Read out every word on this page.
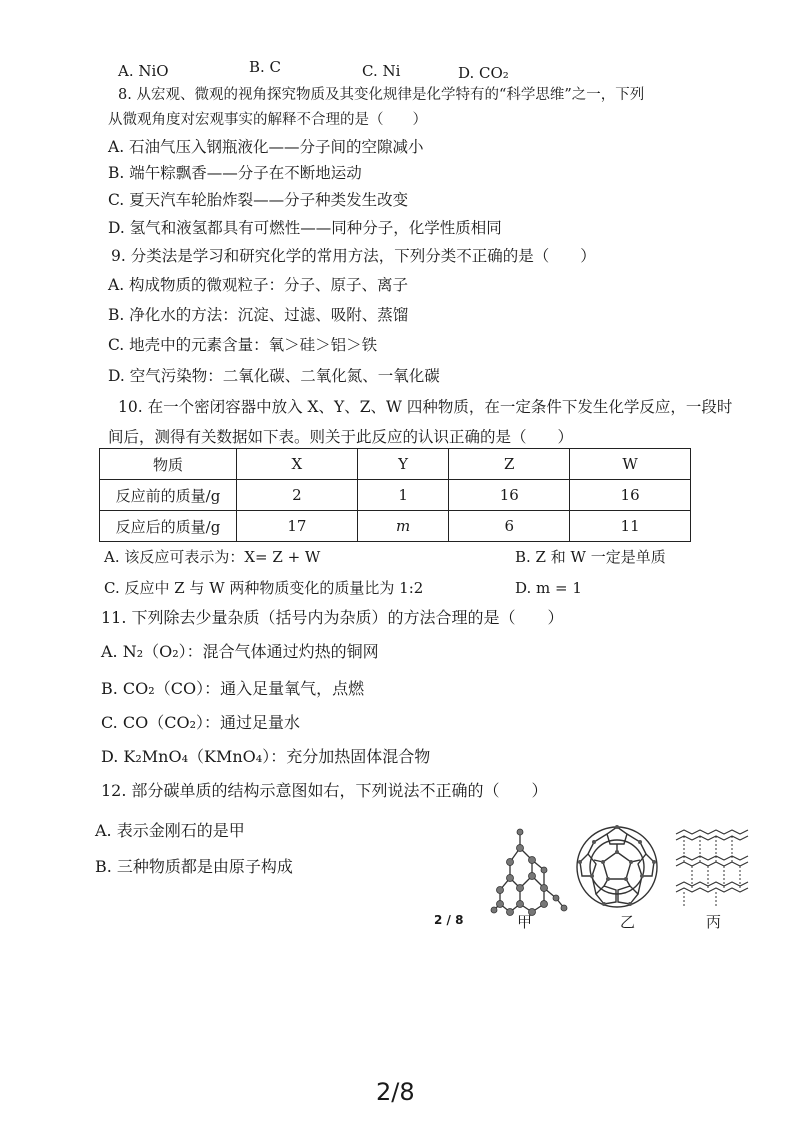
A. NiO	B. C	C. Ni	D. CO₂
8. 从宏观、微观的视角探究物质及其变化规律是化学特有的“科学思维”之一，下列
从微观角度对宏观事实的解释不合理的是（　　）
A. 石油气压入钢瓶液化——分子间的空隙减小
B. 端午粽飘香——分子在不断地运动
C. 夏天汽车轮胎炸裂——分子种类发生改变
D. 氢气和液氢都具有可燃性——同种分子，化学性质相同
9. 分类法是学习和研究化学的常用方法，下列分类不正确的是（　　）
A. 构成物质的微观粒子：分子、原子、离子
B. 净化水的方法：沉淀、过滤、吸附、蒸馏
C. 地壳中的元素含量：氧＞硅＞铝＞铁
D. 空气污染物：二氧化碳、二氧化氮、一氧化碳
10. 在一个密闭容器中放入 X、Y、Z、W 四种物质，在一定条件下发生化学反应，一段时
间后，测得有关数据如下表。则关于此反应的认识正确的是（　　）
物质	X	Y	Z	W
反应前的质量/g	2	1	16	16
反应后的质量/g	17	m	6	11
A. 该反应可表示为：X= Z + W	B. Z 和 W 一定是单质
C. 反应中 Z 与 W 两种物质变化的质量比为 1:2	D. m = 1
11. 下列除去少量杂质（括号内为杂质）的方法合理的是（　　）
A. N₂（O₂）：混合气体通过灼热的铜网
B. CO₂（CO）：通入足量氧气，点燃
C. CO（CO₂）：通过足量水
D. K₂MnO₄（KMnO₄）：充分加热固体混合物
12. 部分碳单质的结构示意图如右，下列说法不正确的（　　）
A. 表示金刚石的是甲
B. 三种物质都是由原子构成
2 / 8	甲	乙	丙
2/8
